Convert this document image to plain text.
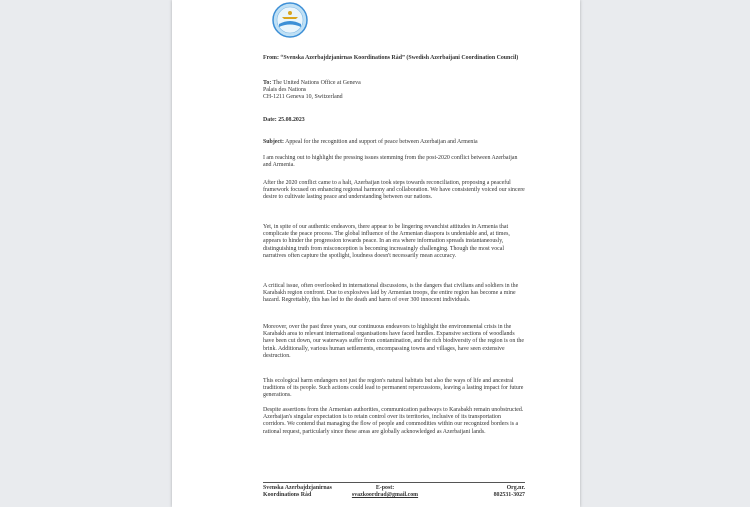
From: “Svenska Azerbajdzjanirnas Koordinations Råd” (Swedish Azerbaijani Coordination Council)

To: The United Nations Office at Geneva
Palais des Nations
CH-1211 Geneva 10, Switzerland

Date: 25.08.2023

Subject: Appeal for the recognition and support of peace between Azerbaijan and Armenia

I am reaching out to highlight the pressing issues stemming from the post-2020 conflict between Azerbaijan and Armenia.

After the 2020 conflict came to a halt, Azerbaijan took steps towards reconciliation, proposing a peaceful framework focused on enhancing regional harmony and collaboration. We have consistently voiced our sincere desire to cultivate lasting peace and understanding between our nations.

Yet, in spite of our authentic endeavors, there appear to be lingering revanchist attitudes in Armenia that complicate the peace process. The global influence of the Armenian diaspora is undeniable and, at times, appears to hinder the progression towards peace. In an era where information spreads instantaneously, distinguishing truth from misconception is becoming increasingly challenging. Though the most vocal narratives often capture the spotlight, loudness doesn't necessarily mean accuracy.

A critical issue, often overlooked in international discussions, is the dangers that civilians and soldiers in the Karabakh region confront. Due to explosives laid by Armenian troops, the entire region has become a mine hazard. Regrettably, this has led to the death and harm of over 300 innocent individuals.

Moreover, over the past three years, our continuous endeavors to highlight the environmental crisis in the Karabakh area to relevant international organisations have faced hurdles. Expansive sections of woodlands have been cut down, our waterways suffer from contamination, and the rich biodiversity of the region is on the brink. Additionally, various human settlements, encompassing towns and villages, have seen extensive destruction.

This ecological harm endangers not just the region's natural habitats but also the ways of life and ancestral traditions of its people. Such actions could lead to permanent repercussions, leaving a lasting impact for future generations.

Despite assertions from the Armenian authorities, communication pathways to Karabakh remain unobstructed. Azerbaijan's singular expectation is to retain control over its territories, inclusive of its transportation corridors. We contend that managing the flow of people and commodities within our recognized borders is a rational request, particularly since these areas are globally acknowledged as Azerbaijani lands.

Svenska Azerbajdzjanirnas
Koordinations Råd
E-post:
svazkoordrad@gmail.com
Org.nr.
802531-3027
